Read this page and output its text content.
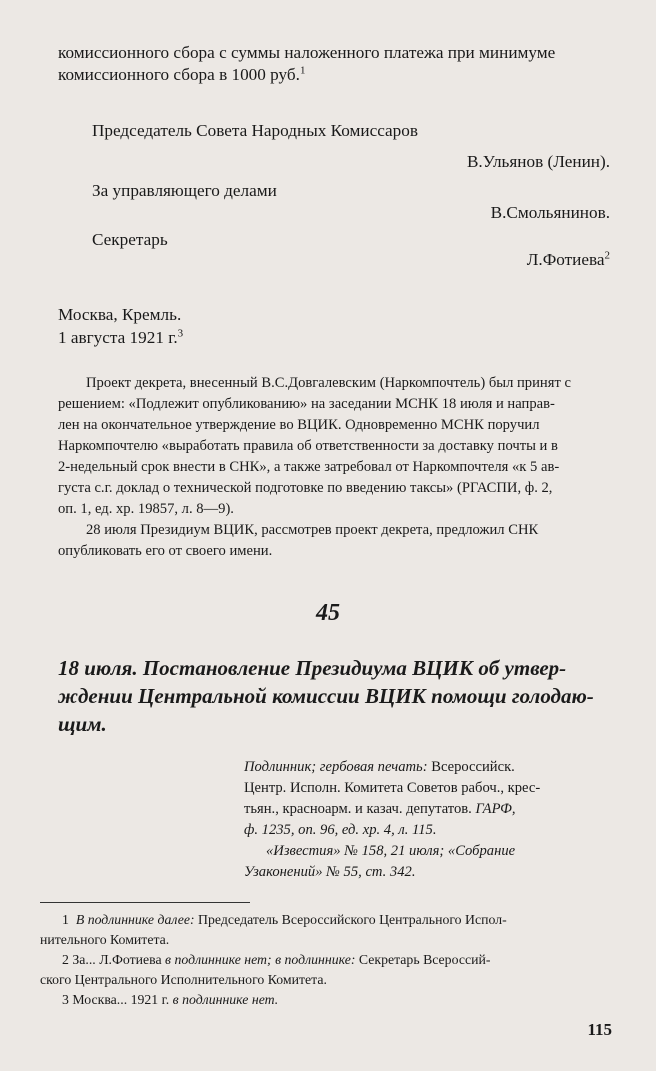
комиссионного сбора с суммы наложенного платежа при минимуме
комиссионного сбора в 1000 руб.$^1$
Председатель Совета Народных Комиссаров
В.Ульянов (Ленин).
За управляющего делами
В.Смольянинов.
Секретарь
Л.Фотиева$^2$
Москва, Кремль.
1 августа 1921 г.$^3$
Проект декрета, внесенный В.С.Довгалевским (Наркомпочтель) был принят с
решением: «Подлежит опубликованию» на заседании МСНК 18 июля и направ-
лен на окончательное утверждение во ВЦИК. Одновременно МСНК поручил
Наркомпочтелю «выработать правила об ответственности за доставку почты и в
2-недельный срок внести в СНК», а также затребовал от Наркомпочтеля «к 5 ав-
густа с.г. доклад о технической подготовке по введению таксы» (РГАСПИ, ф. 2,
оп. 1, ед. хр. 19857, л. 8—9).
28 июля Президиум ВЦИК, рассмотрев проект декрета, предложил СНК
опубликовать его от своего имени.
45
18 июля. Постановление Президиума ВЦИК об утвер-
ждении Центральной комиссии ВЦИК помощи голодаю-
щим.
Подлинник; гербовая печать: Всероссийск.
Центр. Исполн. Комитета Советов рабоч., крес-
тьян., красноарм. и казач. депутатов. ГАРФ,
ф. 1235, оп. 96, ед. хр. 4, л. 115.
«Известия» № 158, 21 июля; «Собрание
Узаконений» № 55, ст. 342.
1 В подлиннике далее: Председатель Всероссийского Центрального Испол-
нительного Комитета.
2 За... Л.Фотиева в подлиннике нет; в подлиннике: Секретарь Всероссий-
ского Центрального Исполнительного Комитета.
3 Москва... 1921 г. в подлиннике нет.
115
